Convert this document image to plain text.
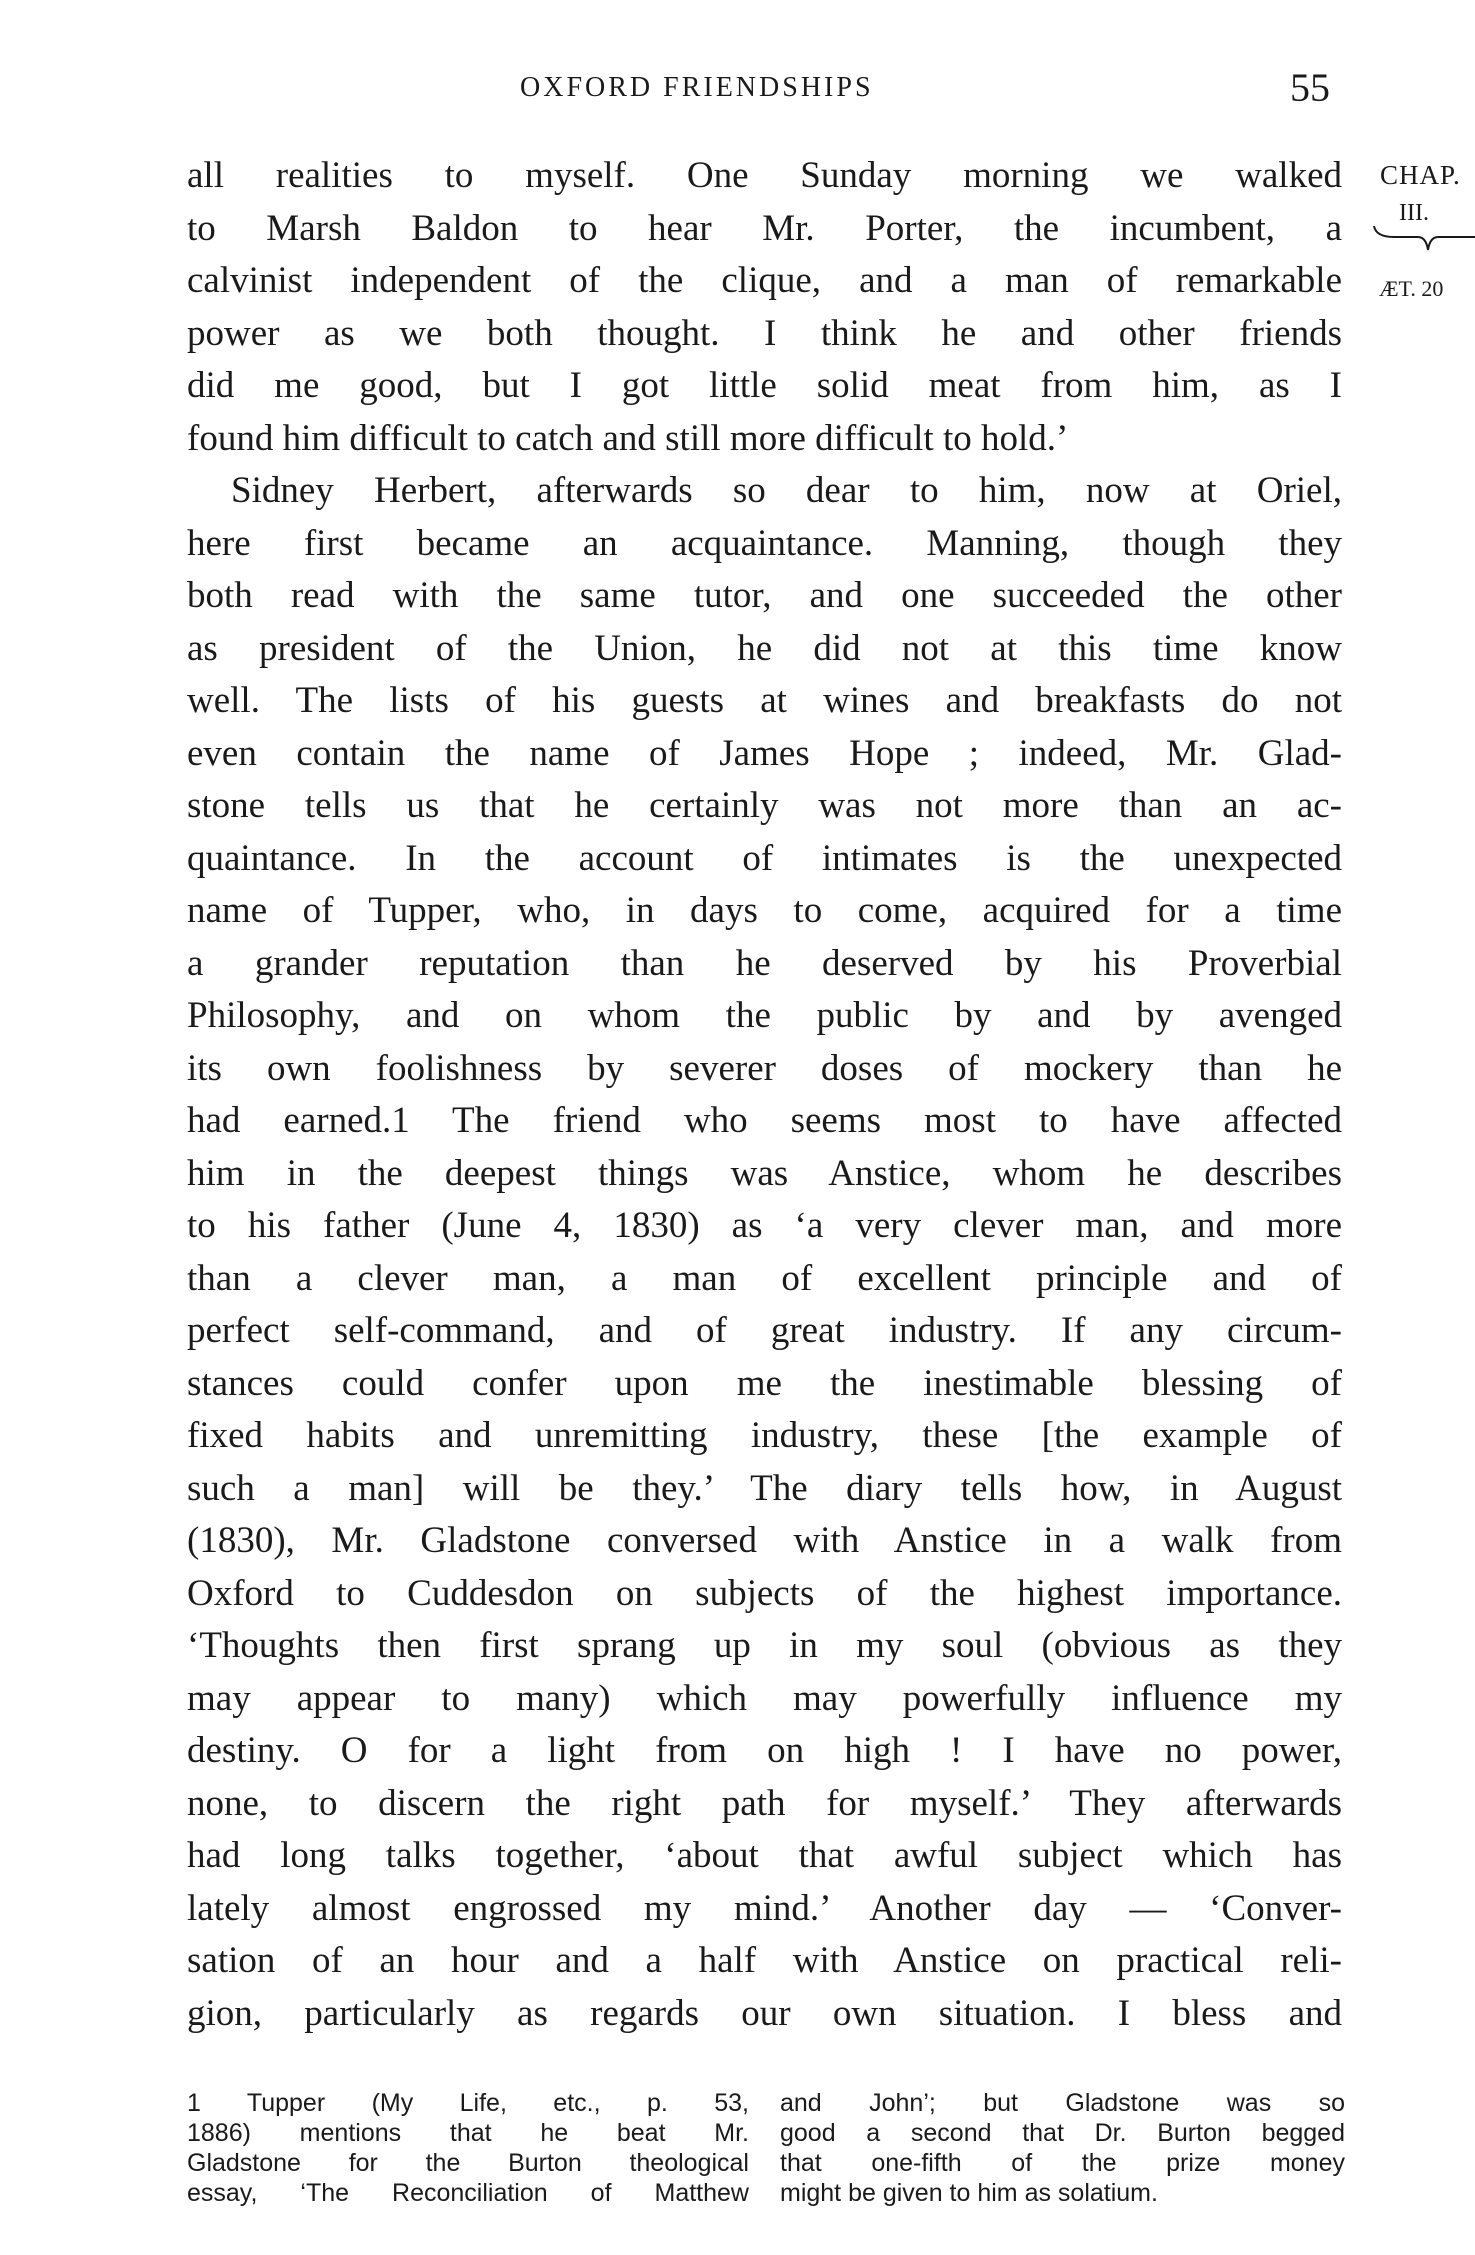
OXFORD FRIENDSHIPS	55
CHAP.
III.
ÆT. 20
all realities to myself. One Sunday morning we walked
to Marsh Baldon to hear Mr. Porter, the incumbent, a
calvinist independent of the clique, and a man of remarkable
power as we both thought. I think he and other friends
did me good, but I got little solid meat from him, as I
found him difficult to catch and still more difficult to hold.’
Sidney Herbert, afterwards so dear to him, now at Oriel,
here first became an acquaintance. Manning, though they
both read with the same tutor, and one succeeded the other
as president of the Union, he did not at this time know
well. The lists of his guests at wines and breakfasts do not
even contain the name of James Hope ; indeed, Mr. Glad-
stone tells us that he certainly was not more than an ac-
quaintance. In the account of intimates is the unexpected
name of Tupper, who, in days to come, acquired for a time
a grander reputation than he deserved by his Proverbial
Philosophy, and on whom the public by and by avenged
its own foolishness by severer doses of mockery than he
had earned.1 The friend who seems most to have affected
him in the deepest things was Anstice, whom he describes
to his father (June 4, 1830) as ‘a very clever man, and more
than a clever man, a man of excellent principle and of
perfect self-command, and of great industry. If any circum-
stances could confer upon me the inestimable blessing of
fixed habits and unremitting industry, these [the example of
such a man] will be they.’ The diary tells how, in August
(1830), Mr. Gladstone conversed with Anstice in a walk from
Oxford to Cuddesdon on subjects of the highest importance.
‘Thoughts then first sprang up in my soul (obvious as they
may appear to many) which may powerfully influence my
destiny. O for a light from on high ! I have no power,
none, to discern the right path for myself.’ They afterwards
had long talks together, ‘about that awful subject which has
lately almost engrossed my mind.’ Another day — ‘Conver-
sation of an hour and a half with Anstice on practical reli-
gion, particularly as regards our own situation. I bless and
1 Tupper (My Life, etc., p. 53,
1886) mentions that he beat Mr.
Gladstone for the Burton theological
essay, ‘The Reconciliation of Matthew
and John’; but Gladstone was so
good a second that Dr. Burton begged
that one-fifth of the prize money
might be given to him as solatium.
